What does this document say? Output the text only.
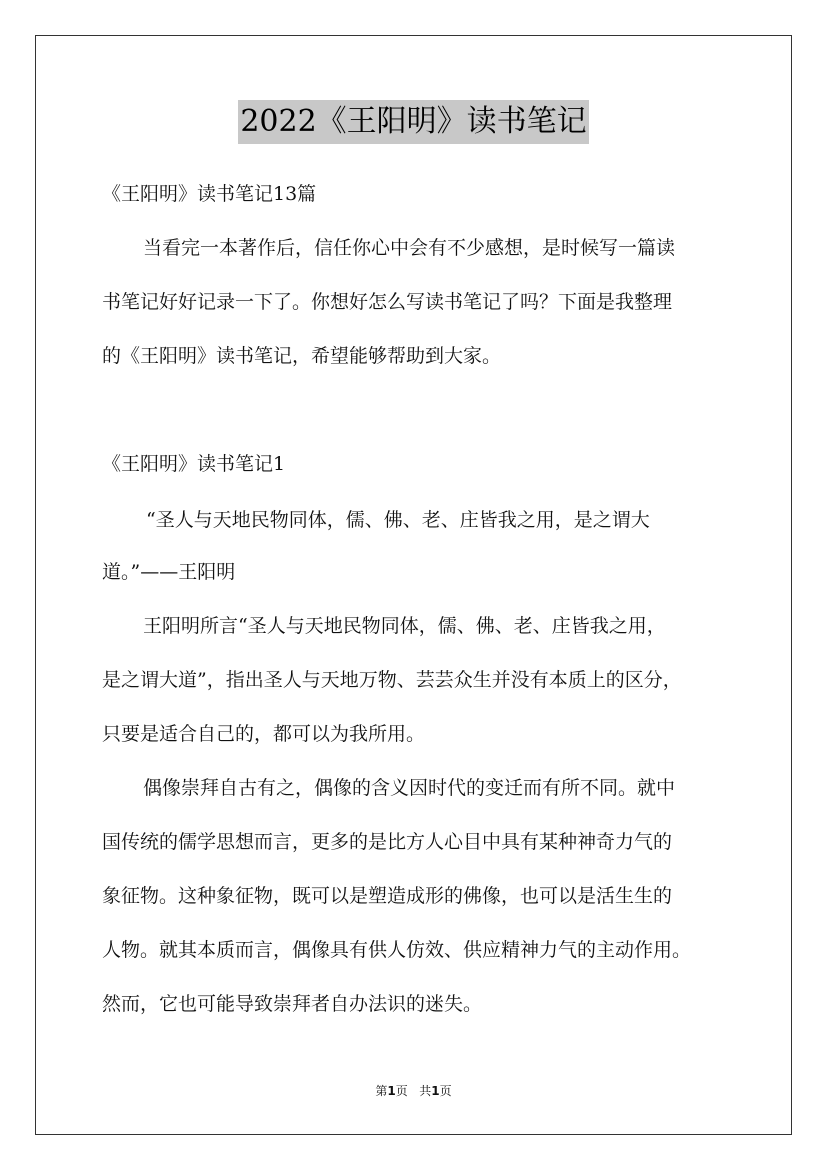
2022《王阳明》读书笔记
《王阳明》读书笔记13篇
当看完一本著作后，信任你心中会有不少感想，是时候写一篇读
书笔记好好记录一下了。你想好怎么写读书笔记了吗？下面是我整理
的《王阳明》读书笔记，希望能够帮助到大家。
《王阳明》读书笔记1
“圣人与天地民物同体，儒、佛、老、庄皆我之用，是之谓大
道。”——王阳明
王阳明所言“圣人与天地民物同体，儒、佛、老、庄皆我之用，
是之谓大道”，指出圣人与天地万物、芸芸众生并没有本质上的区分，
只要是适合自己的，都可以为我所用。
偶像崇拜自古有之，偶像的含义因时代的变迁而有所不同。就中
国传统的儒学思想而言，更多的是比方人心目中具有某种神奇力气的
象征物。这种象征物，既可以是塑造成形的佛像，也可以是活生生的
人物。就其本质而言，偶像具有供人仿效、供应精神力气的主动作用。
然而，它也可能导致崇拜者自办法识的迷失。
第1页 共1页
